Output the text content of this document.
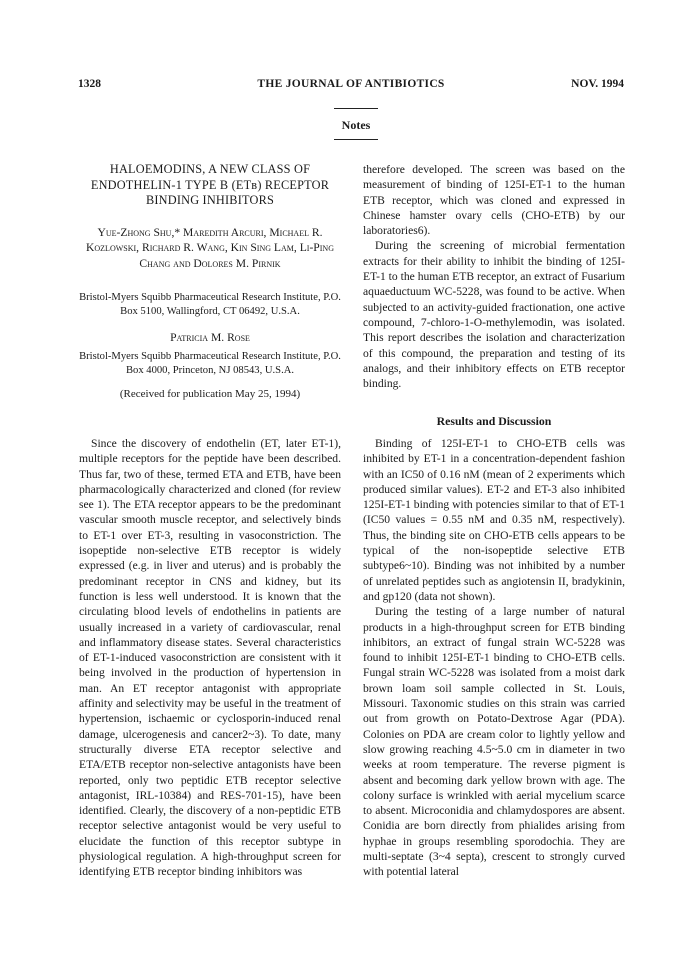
1328	THE JOURNAL OF ANTIBIOTICS	NOV. 1994
Notes
HALOEMODINS, A NEW CLASS OF ENDOTHELIN-1 TYPE B (ETʙ) RECEPTOR BINDING INHIBITORS
Yue-Zhong Shu,* Maredith Arcuri, Michael R. Kozlowski, Richard R. Wang, Kin Sing Lam, Li-Ping Chang and Dolores M. Pirnik
Bristol-Myers Squibb Pharmaceutical Research Institute, P.O. Box 5100, Wallingford, CT 06492, U.S.A.
Patricia M. Rose
Bristol-Myers Squibb Pharmaceutical Research Institute, P.O. Box 4000, Princeton, NJ 08543, U.S.A.
(Received for publication May 25, 1994)

Since the discovery of endothelin (ET, later ET-1), multiple receptors for the peptide have been described. Thus far, two of these, termed ETA and ETB, have been pharmacologically characterized and cloned (for review see 1). The ETA receptor appears to be the predominant vascular smooth muscle receptor, and selectively binds to ET-1 over ET-3, resulting in vasoconstriction. The isopeptide non-selective ETB receptor is widely expressed (e.g. in liver and uterus) and is probably the predominant receptor in CNS and kidney, but its function is less well understood. It is known that the circulating blood levels of endothelins in patients are usually increased in a variety of cardiovascular, renal and inflammatory disease states. Several characteristics of ET-1-induced vasoconstriction are consistent with it being involved in the production of hypertension in man. An ET receptor antagonist with appropriate affinity and selectivity may be useful in the treatment of hypertension, ischaemic or cyclosporin-induced renal damage, ulcerogenesis and cancer2~3). To date, many structurally diverse ETA receptor selective and ETA/ETB receptor non-selective antagonists have been reported, only two peptidic ETB receptor selective antagonist, IRL-10384) and RES-701-15), have been identified. Clearly, the discovery of a non-peptidic ETB receptor selective antagonist would be very useful to elucidate the function of this receptor subtype in physiological regulation. A high-throughput screen for identifying ETB receptor binding inhibitors was

therefore developed. The screen was based on the measurement of binding of 125I-ET-1 to the human ETB receptor, which was cloned and expressed in Chinese hamster ovary cells (CHO-ETB) by our laboratories6).

During the screening of microbial fermentation extracts for their ability to inhibit the binding of 125I-ET-1 to the human ETB receptor, an extract of Fusarium aquaeductuum WC-5228, was found to be active. When subjected to an activity-guided fractionation, one active compound, 7-chloro-1-O-methylemodin, was isolated. This report describes the isolation and characterization of this compound, the preparation and testing of its analogs, and their inhibitory effects on ETB receptor binding.

Results and Discussion

Binding of 125I-ET-1 to CHO-ETB cells was inhibited by ET-1 in a concentration-dependent fashion with an IC50 of 0.16 nM (mean of 2 experiments which produced similar values). ET-2 and ET-3 also inhibited 125I-ET-1 binding with potencies similar to that of ET-1 (IC50 values = 0.55 nM and 0.35 nM, respectively). Thus, the binding site on CHO-ETB cells appears to be typical of the non-isopeptide selective ETB subtype6~10). Binding was not inhibited by a number of unrelated peptides such as angiotensin II, bradykinin, and gp120 (data not shown).

During the testing of a large number of natural products in a high-throughput screen for ETB binding inhibitors, an extract of fungal strain WC-5228 was found to inhibit 125I-ET-1 binding to CHO-ETB cells. Fungal strain WC-5228 was isolated from a moist dark brown loam soil sample collected in St. Louis, Missouri. Taxonomic studies on this strain was carried out from growth on Potato-Dextrose Agar (PDA). Colonies on PDA are cream color to lightly yellow and slow growing reaching 4.5~5.0 cm in diameter in two weeks at room temperature. The reverse pigment is absent and becoming dark yellow brown with age. The colony surface is wrinkled with aerial mycelium scarce to absent. Microconidia and chlamydospores are absent. Conidia are born directly from phialides arising from hyphae in groups resembling sporodochia. They are multi-septate (3~4 septa), crescent to strongly curved with potential lateral
